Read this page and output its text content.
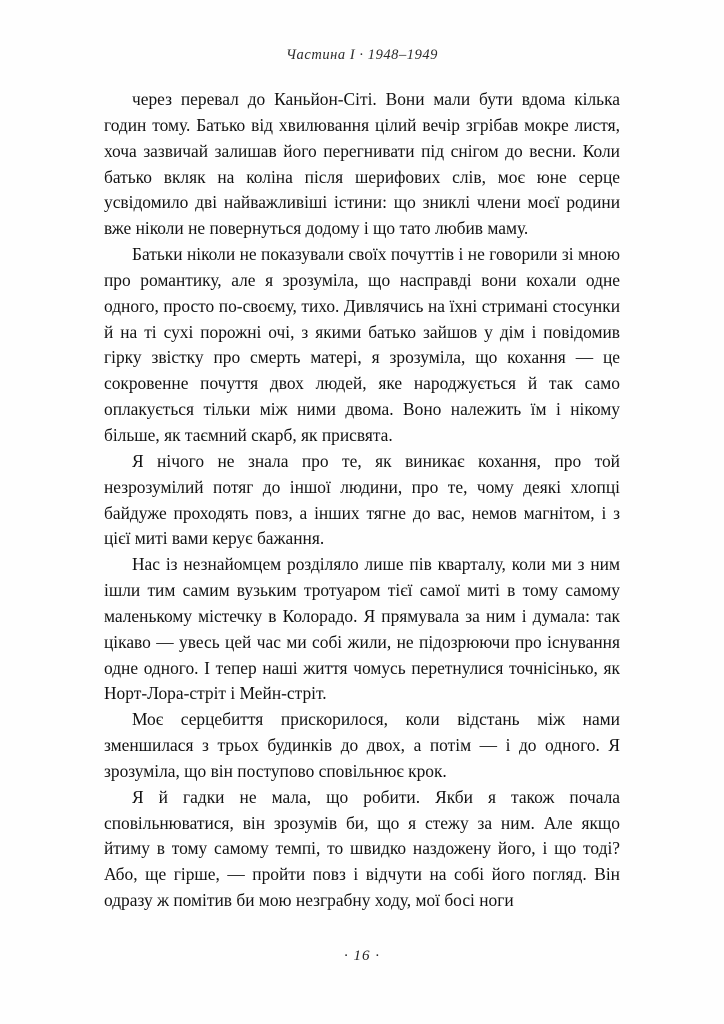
Частина I · 1948–1949

через перевал до Каньйон-Сіті. Вони мали бути вдома кілька годин тому. Батько від хвилювання цілий вечір згрібав мокре листя, хоча зазвичай залишав його перегнивати під снігом до весни. Коли батько вкляк на коліна після шерифових слів, моє юне серце усвідомило дві найважливіші істини: що зниклі члени моєї родини вже ніколи не повернуться додому і що тато любив маму.

Батьки ніколи не показували своїх почуттів і не говорили зі мною про романтику, але я зрозуміла, що насправді вони кохали одне одного, просто по-своєму, тихо. Дивлячись на їхні стримані стосунки й на ті сухі порожні очі, з якими батько зайшов у дім і повідомив гірку звістку про смерть матері, я зрозуміла, що кохання — це сокровенне почуття двох людей, яке народжується й так само оплакується тільки між ними двома. Воно належить їм і нікому більше, як таємний скарб, як присвята.

Я нічого не знала про те, як виникає кохання, про той незрозумілий потяг до іншої людини, про те, чому деякі хлопці байдуже проходять повз, а інших тягне до вас, немов магнітом, і з цієї миті вами керує бажання.

Нас із незнайомцем розділяло лише пів кварталу, коли ми з ним ішли тим самим вузьким тротуаром тієї самої миті в тому самому маленькому містечку в Колорадо. Я прямувала за ним і думала: так цікаво — увесь цей час ми собі жили, не підозрюючи про існування одне одного. І тепер наші життя чомусь перетнулися точнісінько, як Норт-Лора-стріт і Мейн-стріт.

Моє серцебиття прискорилося, коли відстань між нами зменшилася з трьох будинків до двох, а потім — і до одного. Я зрозуміла, що він поступово сповільнює крок.

Я й гадки не мала, що робити. Якби я також почала сповільнюватися, він зрозумів би, що я стежу за ним. Але якщо йтиму в тому самому темпі, то швидко наздожену його, і що тоді? Або, ще гірше, — пройти повз і відчути на собі його погляд. Він одразу ж помітив би мою незграбну ходу, мої босі ноги

· 16 ·
